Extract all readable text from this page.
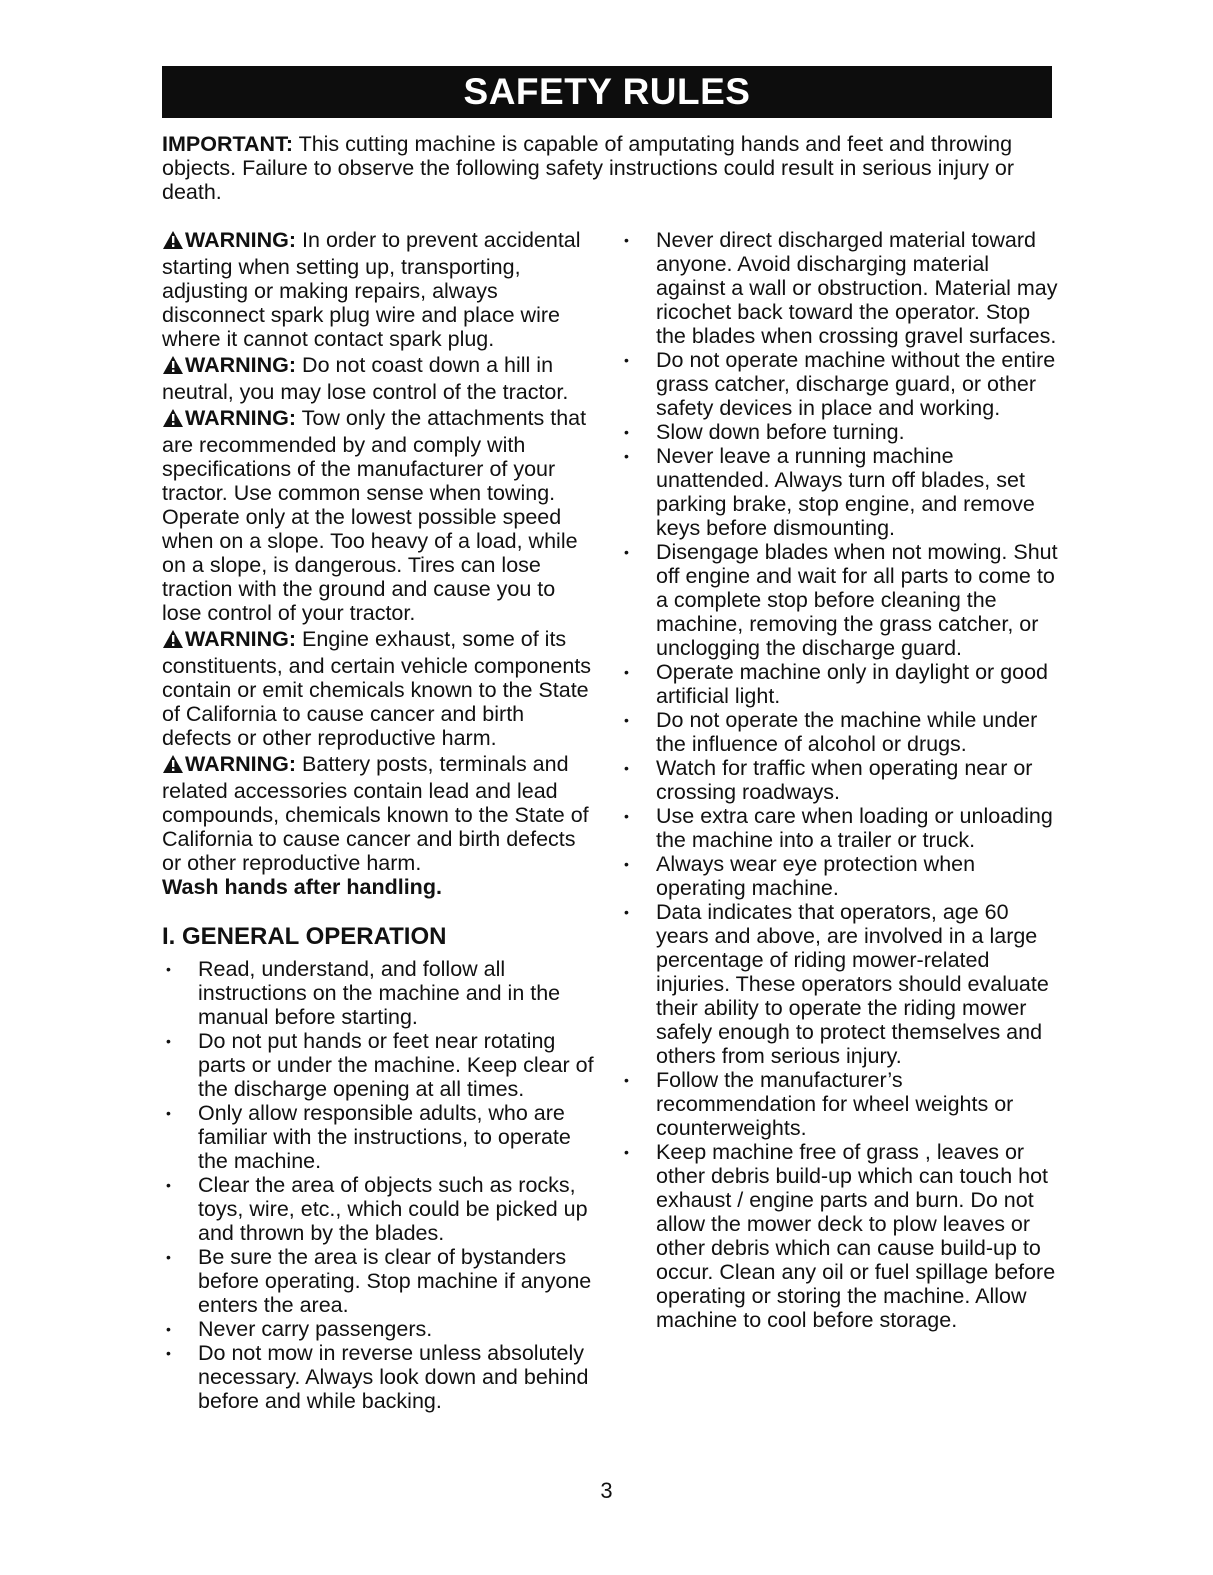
SAFETY RULES

IMPORTANT: This cutting machine is capable of amputating hands and feet and throwing objects. Failure to observe the following safety instructions could result in serious injury or death.

WARNING: In order to prevent accidental starting when setting up, transporting, adjusting or making repairs, always disconnect spark plug wire and place wire where it cannot contact spark plug.

WARNING: Do not coast down a hill in neutral, you may lose control of the tractor.

WARNING: Tow only the attachments that are recommended by and comply with specifications of the manufacturer of your tractor. Use common sense when towing. Operate only at the lowest possible speed when on a slope. Too heavy of a load, while on a slope, is dangerous. Tires can lose traction with the ground and cause you to lose control of your tractor.

WARNING: Engine exhaust, some of its constituents, and certain vehicle components contain or emit chemicals known to the State of California to cause cancer and birth defects or other reproductive harm.

WARNING: Battery posts, terminals and related accessories contain lead and lead compounds, chemicals known to the State of California to cause cancer and birth defects or other reproductive harm.
Wash hands after handling.

I. GENERAL OPERATION
• Read, understand, and follow all instructions on the machine and in the manual before starting.
• Do not put hands or feet near rotating parts or under the machine. Keep clear of the discharge opening at all times.
• Only allow responsible adults, who are familiar with the instructions, to operate the machine.
• Clear the area of objects such as rocks, toys, wire, etc., which could be picked up and thrown by the blades.
• Be sure the area is clear of bystanders before operating. Stop machine if anyone enters the area.
• Never carry passengers.
• Do not mow in reverse unless absolutely necessary. Always look down and behind before and while backing.
• Never direct discharged material toward anyone. Avoid discharging material against a wall or obstruction. Material may ricochet back toward the operator. Stop the blades when crossing gravel surfaces.
• Do not operate machine without the entire grass catcher, discharge guard, or other safety devices in place and working.
• Slow down before turning.
• Never leave a running machine unattended. Always turn off blades, set parking brake, stop engine, and remove keys before dismounting.
• Disengage blades when not mowing. Shut off engine and wait for all parts to come to a complete stop before cleaning the machine, removing the grass catcher, or unclogging the discharge guard.
• Operate machine only in daylight or good artificial light.
• Do not operate the machine while under the influence of alcohol or drugs.
• Watch for traffic when operating near or crossing roadways.
• Use extra care when loading or unloading the machine into a trailer or truck.
• Always wear eye protection when operating machine.
• Data indicates that operators, age 60 years and above, are involved in a large percentage of riding mower-related injuries. These operators should evaluate their ability to operate the riding mower safely enough to protect themselves and others from serious injury.
• Follow the manufacturer’s recommendation for wheel weights or counterweights.
• Keep machine free of grass , leaves or other debris build-up which can touch hot exhaust / engine parts and burn. Do not allow the mower deck to plow leaves or other debris which can cause build-up to occur. Clean any oil or fuel spillage before operating or storing the machine. Allow machine to cool before storage.
3
